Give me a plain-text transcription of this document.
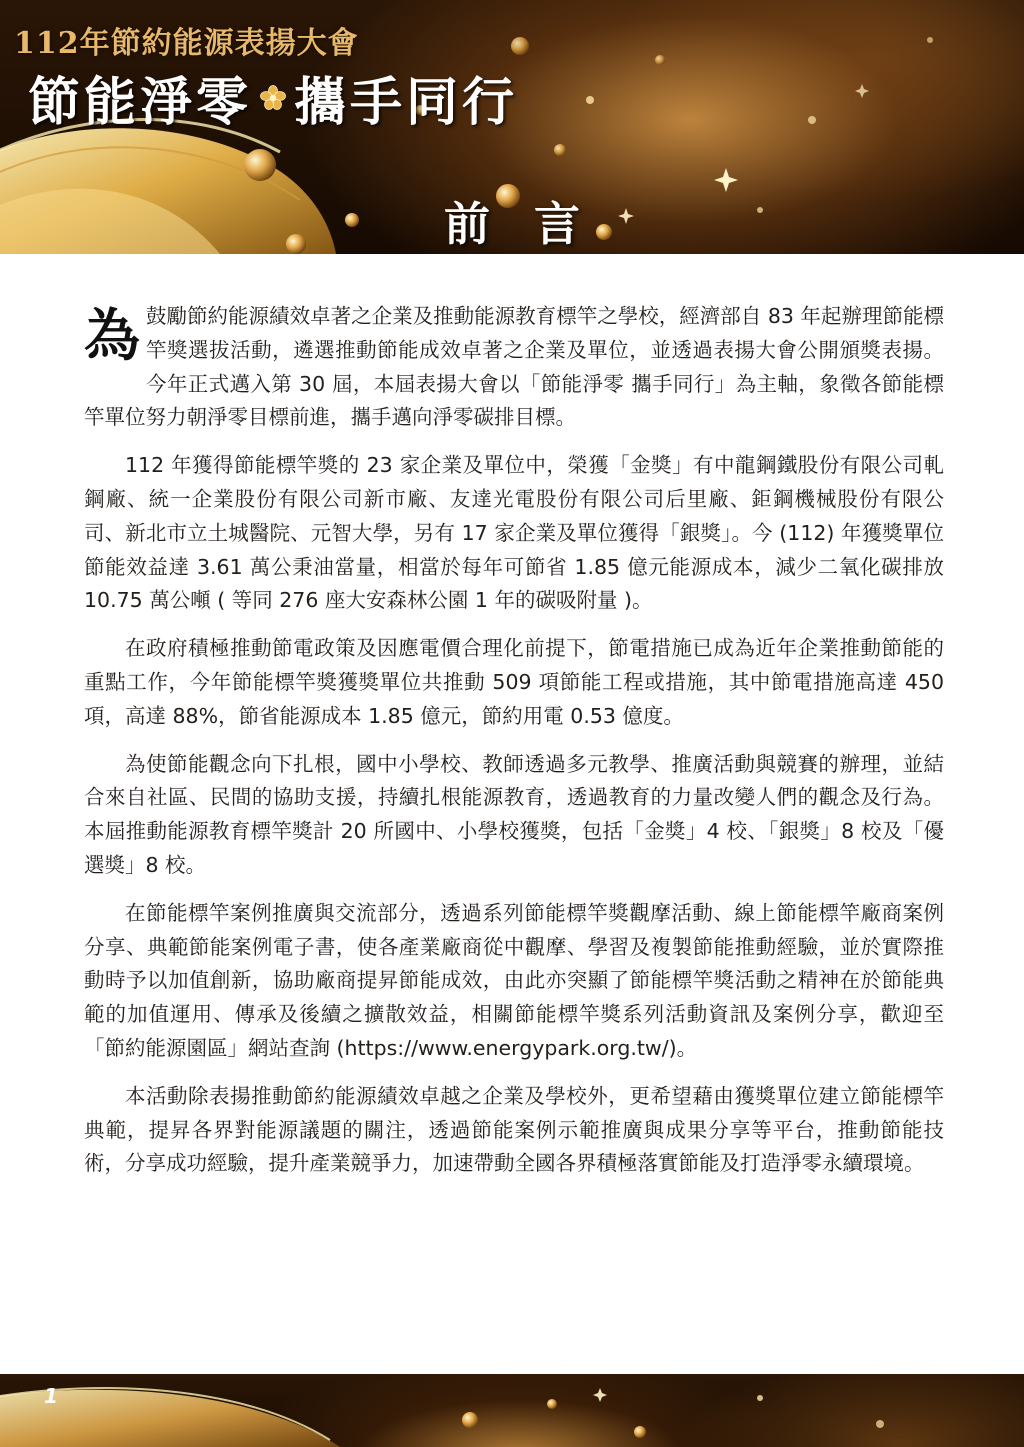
112年節約能源表揚大會
節能淨零 攜手同行
前言

為鼓勵節約能源績效卓著之企業及推動能源教育標竿之學校，經濟部自 83 年起辦理節能標竿獎選拔活動，遴選推動節能成效卓著之企業及單位，並透過表揚大會公開頒獎表揚。今年正式邁入第 30 屆，本屆表揚大會以「節能淨零 攜手同行」為主軸，象徵各節能標竿單位努力朝淨零目標前進，攜手邁向淨零碳排目標。

112 年獲得節能標竿獎的 23 家企業及單位中，榮獲「金獎」有中龍鋼鐵股份有限公司軋鋼廠、統一企業股份有限公司新市廠、友達光電股份有限公司后里廠、鉅鋼機械股份有限公司、新北市立土城醫院、元智大學，另有 17 家企業及單位獲得「銀獎」。今 (112) 年獲獎單位節能效益達 3.61 萬公秉油當量，相當於每年可節省 1.85 億元能源成本，減少二氧化碳排放 10.75 萬公噸 ( 等同 276 座大安森林公園 1 年的碳吸附量 )。

在政府積極推動節電政策及因應電價合理化前提下，節電措施已成為近年企業推動節能的重點工作，今年節能標竿獎獲獎單位共推動 509 項節能工程或措施，其中節電措施高達 450 項，高達 88%，節省能源成本 1.85 億元，節約用電 0.53 億度。

為使節能觀念向下扎根，國中小學校、教師透過多元教學、推廣活動與競賽的辦理，並結合來自社區、民間的協助支援，持續扎根能源教育，透過教育的力量改變人們的觀念及行為。本屆推動能源教育標竿獎計 20 所國中、小學校獲獎，包括「金獎」4 校、「銀獎」8 校及「優選獎」8 校。

在節能標竿案例推廣與交流部分，透過系列節能標竿獎觀摩活動、線上節能標竿廠商案例分享、典範節能案例電子書，使各產業廠商從中觀摩、學習及複製節能推動經驗，並於實際推動時予以加值創新，協助廠商提昇節能成效，由此亦突顯了節能標竿獎活動之精神在於節能典範的加值運用、傳承及後續之擴散效益，相關節能標竿獎系列活動資訊及案例分享，歡迎至「節約能源園區」網站查詢 (https://www.energypark.org.tw/)。

本活動除表揚推動節約能源績效卓越之企業及學校外，更希望藉由獲獎單位建立節能標竿典範，提昇各界對能源議題的關注，透過節能案例示範推廣與成果分享等平台，推動節能技術，分享成功經驗，提升產業競爭力，加速帶動全國各界積極落實節能及打造淨零永續環境。

1
